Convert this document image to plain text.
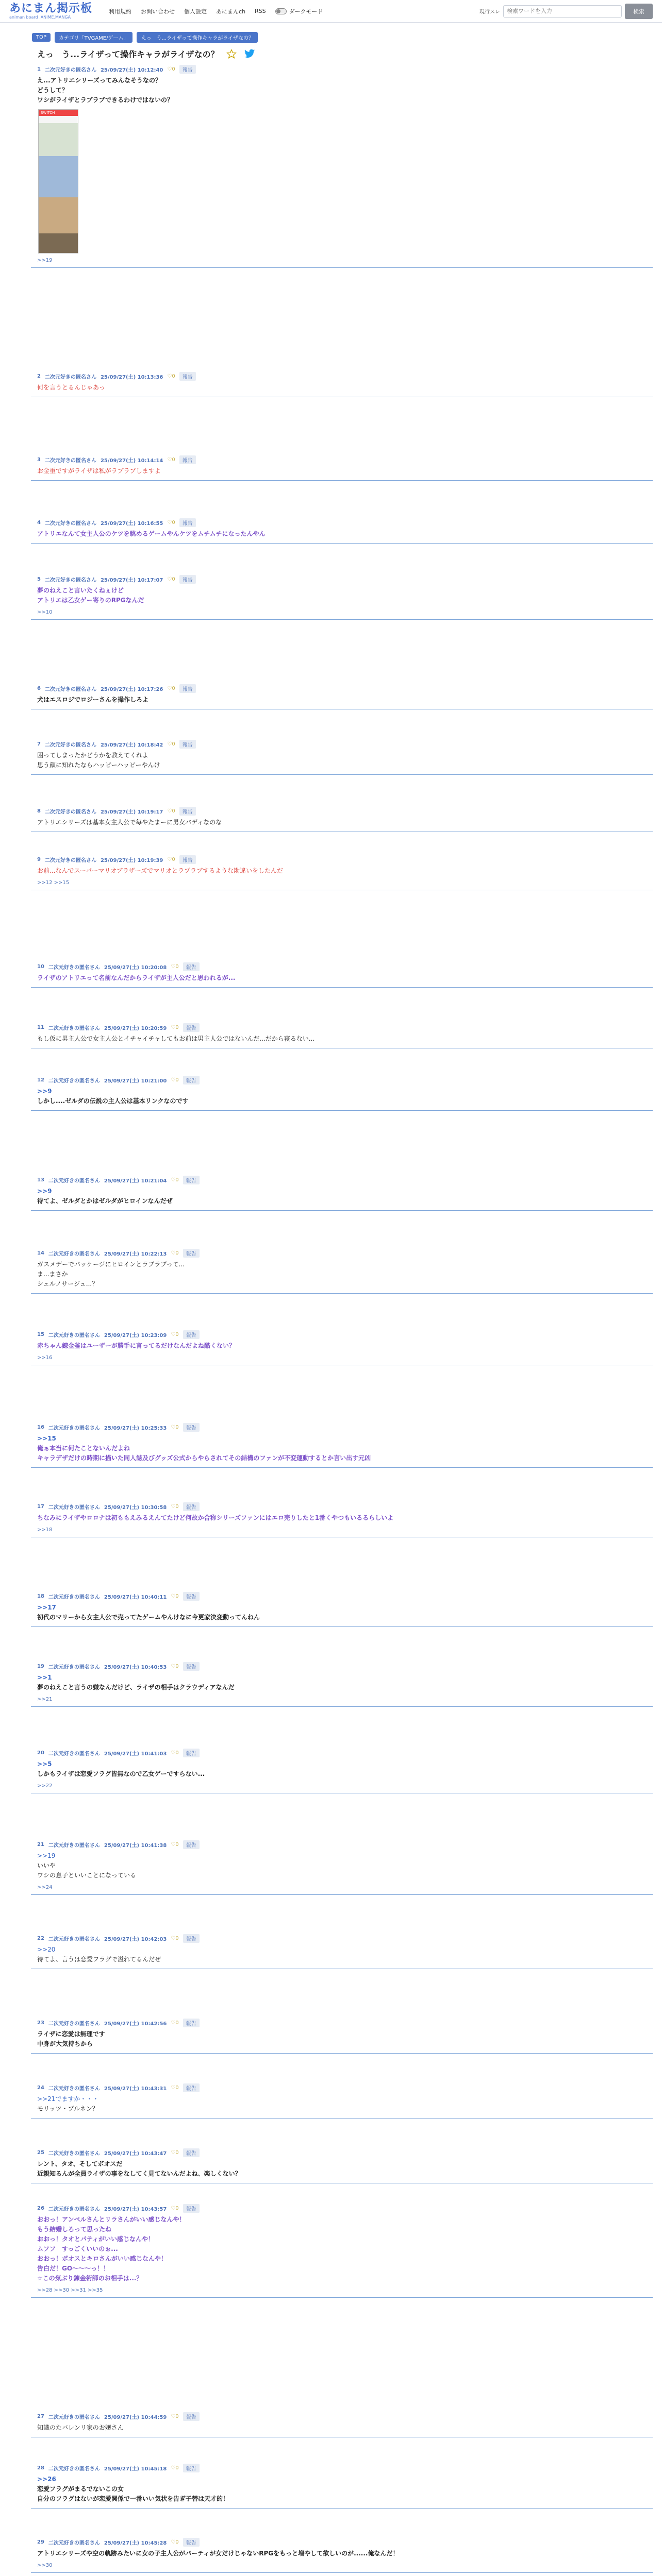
あにまん掲示板
animan board .ANIME.MANGA
利用規約 お問い合わせ 個人設定 あにまんch RSS	ダークモード	現行スレ
検索ワードを入力	検索
TOP	カテゴリ「TVGAME/ゲーム」	えっ　う...ライザって操作キャラがライザなの？
えっ　う...ライザって操作キャラがライザなの？
1 二次元好きの匿名さん 25/09/27(土) 10:12:40 ♡0	報告
え...アトリエシリーズってみんなそうなの？
どうして？
ワシがライザとラブラブできるわけではないの？
SWITCH
>>19
2 二次元好きの匿名さん 25/09/27(土) 10:13:36 ♡0	報告
何を言うとるんじゃあっ
3 二次元好きの匿名さん 25/09/27(土) 10:14:14 ♡0	報告
お金重ですがライザは私がラブラブしますよ
4 二次元好きの匿名さん 25/09/27(土) 10:16:55 ♡0	報告
アトリエなんて女主人公のケツを眺めるゲームやんケツをムチムチになったんやん
5 二次元好きの匿名さん 25/09/27(土) 10:17:07 ♡0	報告
夢のねえこと言いたくねぇけど
アトリエは乙女ゲー寄りのRPGなんだ
>>10
6 二次元好きの匿名さん 25/09/27(土) 10:17:26 ♡0	報告
犬はエスロジでロジーさんを操作しろよ
7 二次元好きの匿名さん 25/09/27(土) 10:18:42 ♡0	報告
困ってしまったかどうかを教えてくれよ
思う顔に知れたならハッピーハッピーやんけ
8 二次元好きの匿名さん 25/09/27(土) 10:19:17 ♡0	報告
アトリエシリーズは基本女主人公で毎やたまーに男女バディなのな
9 二次元好きの匿名さん 25/09/27(土) 10:19:39 ♡0	報告
お前...なんでスーパーマリオブラザーズでマリオとラブラブするような勘違いをしたんだ
>>12 >>15
10 二次元好きの匿名さん 25/09/27(土) 10:20:08 ♡0	報告
ライザのアトリエって名前なんだからライザが主人公だと思われるが...
11 二次元好きの匿名さん 25/09/27(土) 10:20:59 ♡0	報告
もし仮に男主人公で女主人公とイチャイチャしてもお前は男主人公ではないんだ...だから寝るない...
12 二次元好きの匿名さん 25/09/27(土) 10:21:00 ♡0	報告
>>9
しかし....ゼルダの伝説の主人公は基本リンクなのです
13 二次元好きの匿名さん 25/09/27(土) 10:21:04 ♡0	報告
>>9
待てよ、ゼルダとかはゼルダがヒロインなんだぜ
14 二次元好きの匿名さん 25/09/27(土) 10:22:13 ♡0	報告
ガスメデーでパッケージにヒロインとラブラブって...
ま...まさか
シェルノサージュ...？
15 二次元好きの匿名さん 25/09/27(土) 10:23:09 ♡0	報告
赤ちゃん錬金釜はユーザーが勝手に言ってるだけなんだよね酷くない？
>>16
16 二次元好きの匿名さん 25/09/27(土) 10:25:33 ♡0	報告
>>15
俺ぁ本当に何たことないんだよね
キャラデザだけの時期に描いた同人誌及びグッズ公式からやらされてその結構のファンが不変運動するとか言い出す元凶
17 二次元好きの匿名さん 25/09/27(土) 10:30:58 ♡0	報告
ちなみにライザやロロナは初ももえみるえんてたけど何故か合称シリーズファンにはエロ売りしたと1番くやつもいるるらしいよ
>>18
18 二次元好きの匿名さん 25/09/27(土) 10:40:11 ♡0	報告
>>17
初代のマリーから女主人公で売ってたゲームやんけなに今更家決変動ってんねん
19 二次元好きの匿名さん 25/09/27(土) 10:40:53 ♡0	報告
>>1
夢のねえこと言うの嫌なんだけど、ライザの相手はクラウディアなんだ
>>21
20 二次元好きの匿名さん 25/09/27(土) 10:41:03 ♡0	報告
>>5
しかもライザは恋愛フラグ皆無なので乙女ゲーですらない...
>>22
21 二次元好きの匿名さん 25/09/27(土) 10:41:38 ♡0	報告
>>19
いいや
ワシの息子といいことになっている
>>24
22 二次元好きの匿名さん 25/09/27(土) 10:42:03 ♡0	報告
>>20
待てよ、言うは恋愛フラグで溢れてるんだぜ
23 二次元好きの匿名さん 25/09/27(土) 10:42:56 ♡0	報告
ライザに恋愛は無理です
中身が大気持ちから
24 二次元好きの匿名さん 25/09/27(土) 10:43:31 ♡0	報告
>>21でますか・・・
モリッツ・ブルネン？
25 二次元好きの匿名さん 25/09/27(土) 10:43:47 ♡0	報告
レント、タオ、そしてボオスだ
近親知るんが全員ライザの事をなしてく見てないんだよね、楽しくない？
26 二次元好きの匿名さん 25/09/27(土) 10:43:57 ♡0	報告
おおっ！アンペルさんとリラさんがいい感じなんや！
もう結婚しろって思ったね
おおっ！タオとパティがいい感じなんや！
ムフフ　すっごくいいのぉ...
おおっ！ボオスとキロさんがいい感じなんや！
告白だ！GO〜〜〜っ！！
☆この気ぶり錬金術師のお相手は...？
>>28 >>30 >>31 >>35
27 二次元好きの匿名さん 25/09/27(土) 10:44:59 ♡0	報告
知識のたバレンリ家のお嬢さん
28 二次元好きの匿名さん 25/09/27(土) 10:45:18 ♡0	報告
>>26
恋愛フラグがまるでないこの女
自分のフラグはないが恋愛関係で一番いい気状を告ぎ子替は天才的！
29 二次元好きの匿名さん 25/09/27(土) 10:45:28 ♡0	報告
アトリエシリーズや空の軌跡みたいに女の子主人公がパーティが女だけじゃないRPGをもっと増やして欲しいのが......俺なんだ！
>>30
